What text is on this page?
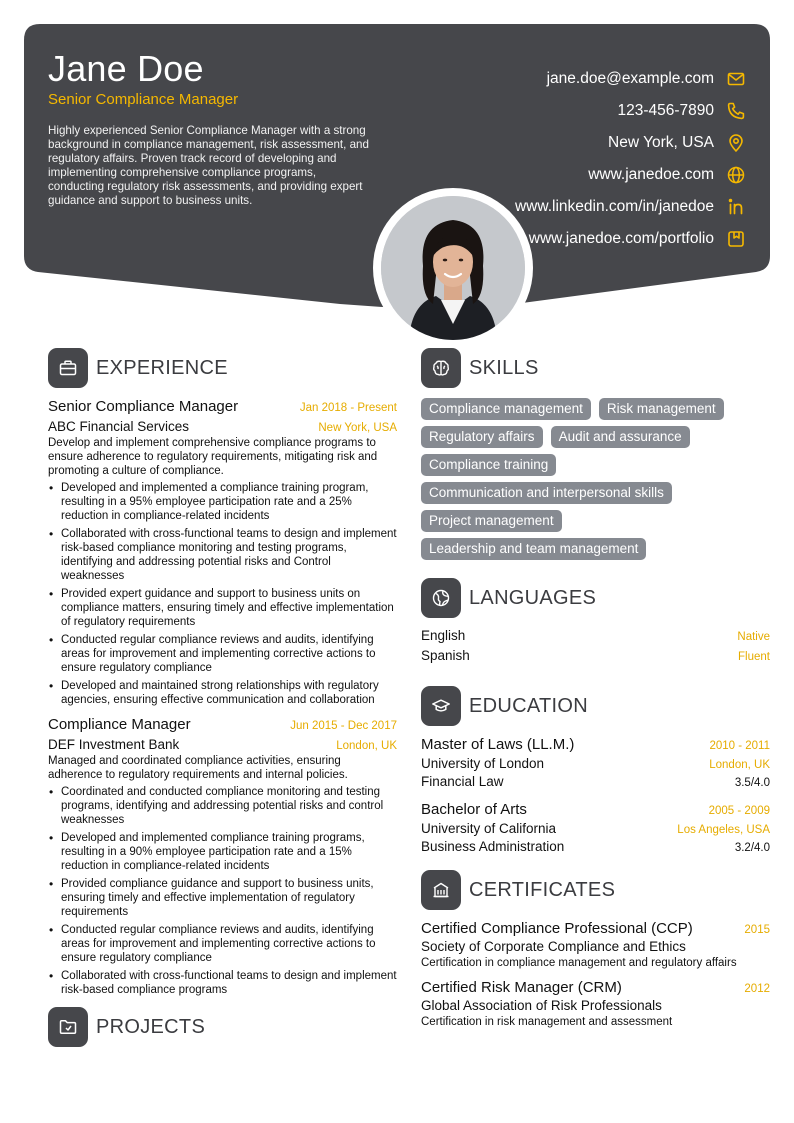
Jane Doe
Senior Compliance Manager
Highly experienced Senior Compliance Manager with a strong background in compliance management, risk assessment, and regulatory affairs. Proven track record of developing and implementing comprehensive compliance programs, conducting regulatory risk assessments, and providing expert guidance and support to business units.
jane.doe@example.com
123-456-7890
New York, USA
www.janedoe.com
www.linkedin.com/in/janedoe
www.janedoe.com/portfolio
EXPERIENCE
Senior Compliance Manager	Jan 2018 - Present
ABC Financial Services	New York, USA
Develop and implement comprehensive compliance programs to ensure adherence to regulatory requirements, mitigating risk and promoting a culture of compliance.
• Developed and implemented a compliance training program, resulting in a 95% employee participation rate and a 25% reduction in compliance-related incidents
• Collaborated with cross-functional teams to design and implement risk-based compliance monitoring and testing programs, identifying and addressing potential risks and Control weaknesses
• Provided expert guidance and support to business units on compliance matters, ensuring timely and effective implementation of regulatory requirements
• Conducted regular compliance reviews and audits, identifying areas for improvement and implementing corrective actions to ensure regulatory compliance
• Developed and maintained strong relationships with regulatory agencies, ensuring effective communication and collaboration
Compliance Manager	Jun 2015 - Dec 2017
DEF Investment Bank	London, UK
Managed and coordinated compliance activities, ensuring adherence to regulatory requirements and internal policies.
• Coordinated and conducted compliance monitoring and testing programs, identifying and addressing potential risks and control weaknesses
• Developed and implemented compliance training programs, resulting in a 90% employee participation rate and a 15% reduction in compliance-related incidents
• Provided compliance guidance and support to business units, ensuring timely and effective implementation of regulatory requirements
• Conducted regular compliance reviews and audits, identifying areas for improvement and implementing corrective actions to ensure regulatory compliance
• Collaborated with cross-functional teams to design and implement risk-based compliance programs
PROJECTS
SKILLS
Compliance management	Risk management
Regulatory affairs	Audit and assurance
Compliance training
Communication and interpersonal skills
Project management
Leadership and team management
LANGUAGES
English	Native
Spanish	Fluent
EDUCATION
Master of Laws (LL.M.)	2010 - 2011
University of London	London, UK
Financial Law	3.5/4.0
Bachelor of Arts	2005 - 2009
University of California	Los Angeles, USA
Business Administration	3.2/4.0
CERTIFICATES
Certified Compliance Professional (CCP)	2015
Society of Corporate Compliance and Ethics
Certification in compliance management and regulatory affairs
Certified Risk Manager (CRM)	2012
Global Association of Risk Professionals
Certification in risk management and assessment
